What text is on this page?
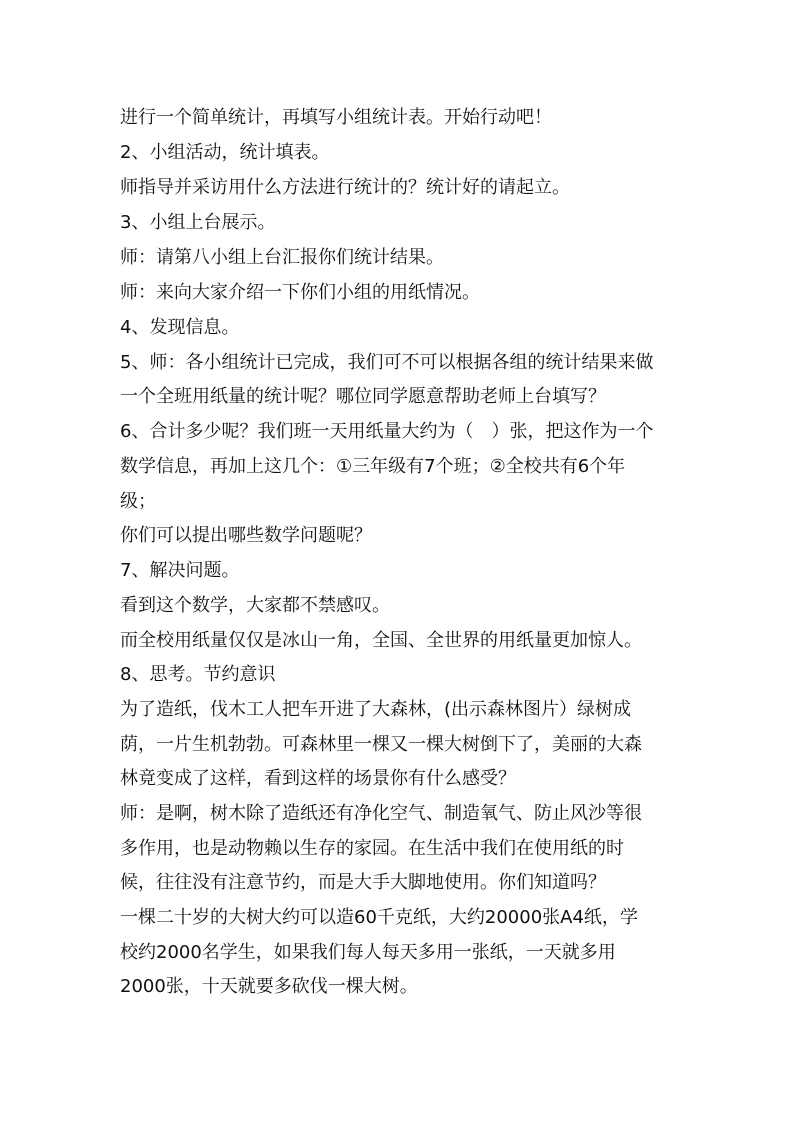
进行一个简单统计，再填写小组统计表。开始行动吧！
2、小组活动，统计填表。
师指导并采访用什么方法进行统计的？统计好的请起立。
3、小组上台展示。
师：请第八小组上台汇报你们统计结果。
师：来向大家介绍一下你们小组的用纸情况。
4、发现信息。
5、师：各小组统计已完成，我们可不可以根据各组的统计结果来做
一个全班用纸量的统计呢？哪位同学愿意帮助老师上台填写？
6、合计多少呢？我们班一天用纸量大约为（　）张，把这作为一个
数学信息，再加上这几个：①三年级有7个班；②全校共有6个年
级；
你们可以提出哪些数学问题呢？
7、解决问题。
看到这个数学，大家都不禁感叹。
而全校用纸量仅仅是冰山一角，全国、全世界的用纸量更加惊人。
8、思考。节约意识
为了造纸，伐木工人把车开进了大森林，(出示森林图片）绿树成
荫，一片生机勃勃。可森林里一棵又一棵大树倒下了，美丽的大森
林竟变成了这样，看到这样的场景你有什么感受？
师：是啊，树木除了造纸还有净化空气、制造氧气、防止风沙等很
多作用，也是动物赖以生存的家园。在生活中我们在使用纸的时
候，往往没有注意节约，而是大手大脚地使用。你们知道吗？
一棵二十岁的大树大约可以造60千克纸，大约20000张A4纸，学
校约2000名学生，如果我们每人每天多用一张纸，一天就多用
2000张，十天就要多砍伐一棵大树。
